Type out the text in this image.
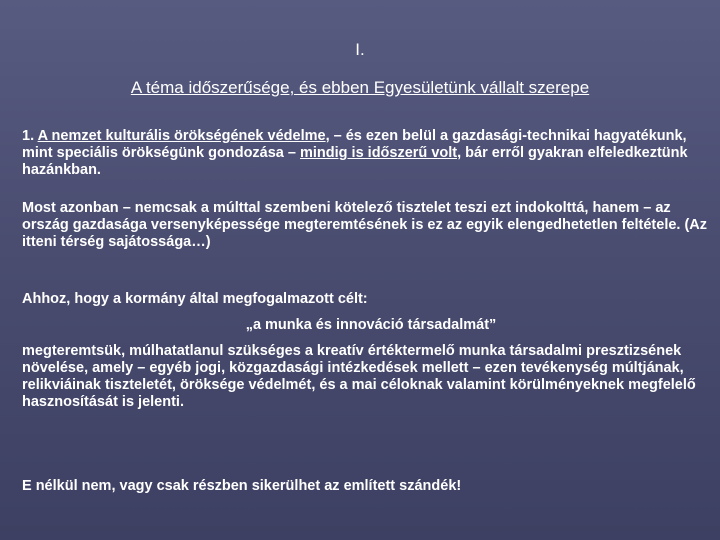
I.
A téma időszerűsége, és ebben Egyesületünk vállalt szerepe
1. A nemzet kulturális örökségének védelme, – és ezen belül a gazdasági-technikai hagyatékunk, mint speciális örökségünk gondozása – mindig is időszerű volt, bár erről gyakran elfeledkeztünk hazánkban.
Most azonban – nemcsak a múlttal szembeni kötelező tisztelet teszi ezt indokolttá, hanem – az ország gazdasága versenyképessége megteremtésének is ez az egyik elengedhetetlen feltétele. (Az itteni térség sajátossága…)
Ahhoz, hogy a kormány által megfogalmazott célt:
„a munka és innováció társadalmát”
megteremtsük, múlhatatlanul szükséges a kreatív értéktermelő munka társadalmi presztizsének növelése, amely – egyéb jogi, közgazdasági intézkedések mellett – ezen tevékenység múltjának, relikviáinak tiszteletét, öröksége védelmét, és a mai céloknak valamint körülményeknek megfelelő hasznosítását is jelenti.
E nélkül nem, vagy csak részben sikerülhet az említett szándék!
